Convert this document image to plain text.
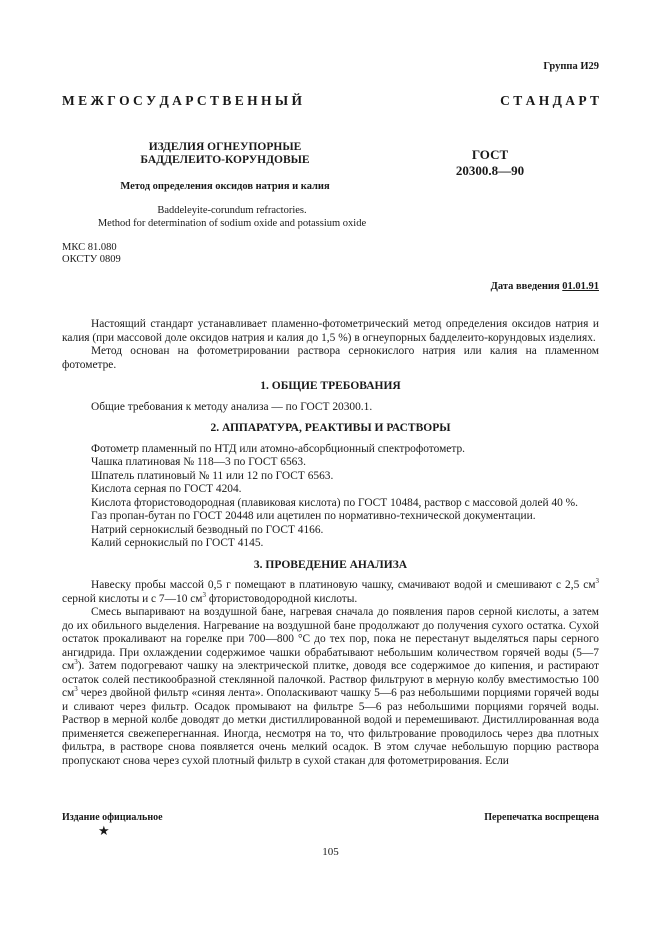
Группа И29
М Е Ж Г О С У Д А Р С Т В Е Н Н Ы Й	С Т А Н Д А Р Т
ИЗДЕЛИЯ ОГНЕУПОРНЫЕ
БАДДЕЛЕИТО-КОРУНДОВЫЕ
Метод определения оксидов натрия и калия
ГОСТ
20300.8—90
Baddeleyite-corundum refractories.
Method for determination of sodium oxide and potassium oxide
МКС 81.080
ОКСТУ 0809
Дата введения 01.01.91

Настоящий стандарт устанавливает пламенно-фотометрический метод определения оксидов натрия и калия (при массовой доле оксидов натрия и калия до 1,5 %) в огнеупорных бадделеито-корундовых изделиях.

Метод основан на фотометрировании раствора сернокислого натрия или калия на пламенном фотометре.

1. ОБЩИЕ ТРЕБОВАНИЯ

Общие требования к методу анализа — по ГОСТ 20300.1.

2. АППАРАТУРА, РЕАКТИВЫ И РАСТВОРЫ

Фотометр пламенный по НТД или атомно-абсорбционный спектрофотометр.

Чашка платиновая № 118—3 по ГОСТ 6563.

Шпатель платиновый № 11 или 12 по ГОСТ 6563.

Кислота серная по ГОСТ 4204.

Кислота фтористоводородная (плавиковая кислота) по ГОСТ 10484, раствор с массовой долей 40 %.

Газ пропан-бутан по ГОСТ 20448 или ацетилен по нормативно-технической документации.

Натрий сернокислый безводный по ГОСТ 4166.

Калий сернокислый по ГОСТ 4145.

3. ПРОВЕДЕНИЕ АНАЛИЗА

Навеску пробы массой 0,5 г помещают в платиновую чашку, смачивают водой и смешивают с 2,5 $см^3$ серной кислоты и с 7—10 $см^3$ фтористоводородной кислоты.

Смесь выпаривают на воздушной бане, нагревая сначала до появления паров серной кислоты, а затем до их обильного выделения. Нагревание на воздушной бане продолжают до получения сухого остатка. Сухой остаток прокаливают на горелке при 700—800 °С до тех пор, пока не перестанут выделяться пары серного ангидрида. При охлаждении содержимое чашки обрабатывают небольшим количеством горячей воды (5—7 $см^3$). Затем подогревают чашку на электрической плитке, доводя все содержимое до кипения, и растирают остаток солей пестикообразной стеклянной палочкой. Раствор фильтруют в мерную колбу вместимостью 100 $см^3$ через двойной фильтр «синяя лента». Ополаскивают чашку 5—6 раз небольшими порциями горячей воды и сливают через фильтр. Осадок промывают на фильтре 5—6 раз небольшими порциями горячей воды. Раствор в мерной колбе доводят до метки дистиллированной водой и перемешивают. Дистиллированная вода применяется свежеперегнанная. Иногда, несмотря на то, что фильтрование проводилось через два плотных фильтра, в растворе снова появляется очень мелкий осадок. В этом случае небольшую порцию раствора пропускают снова через сухой плотный фильтр в сухой стакан для фотометрирования. Если

Издание официальное
★
Перепечатка воспрещена
105
